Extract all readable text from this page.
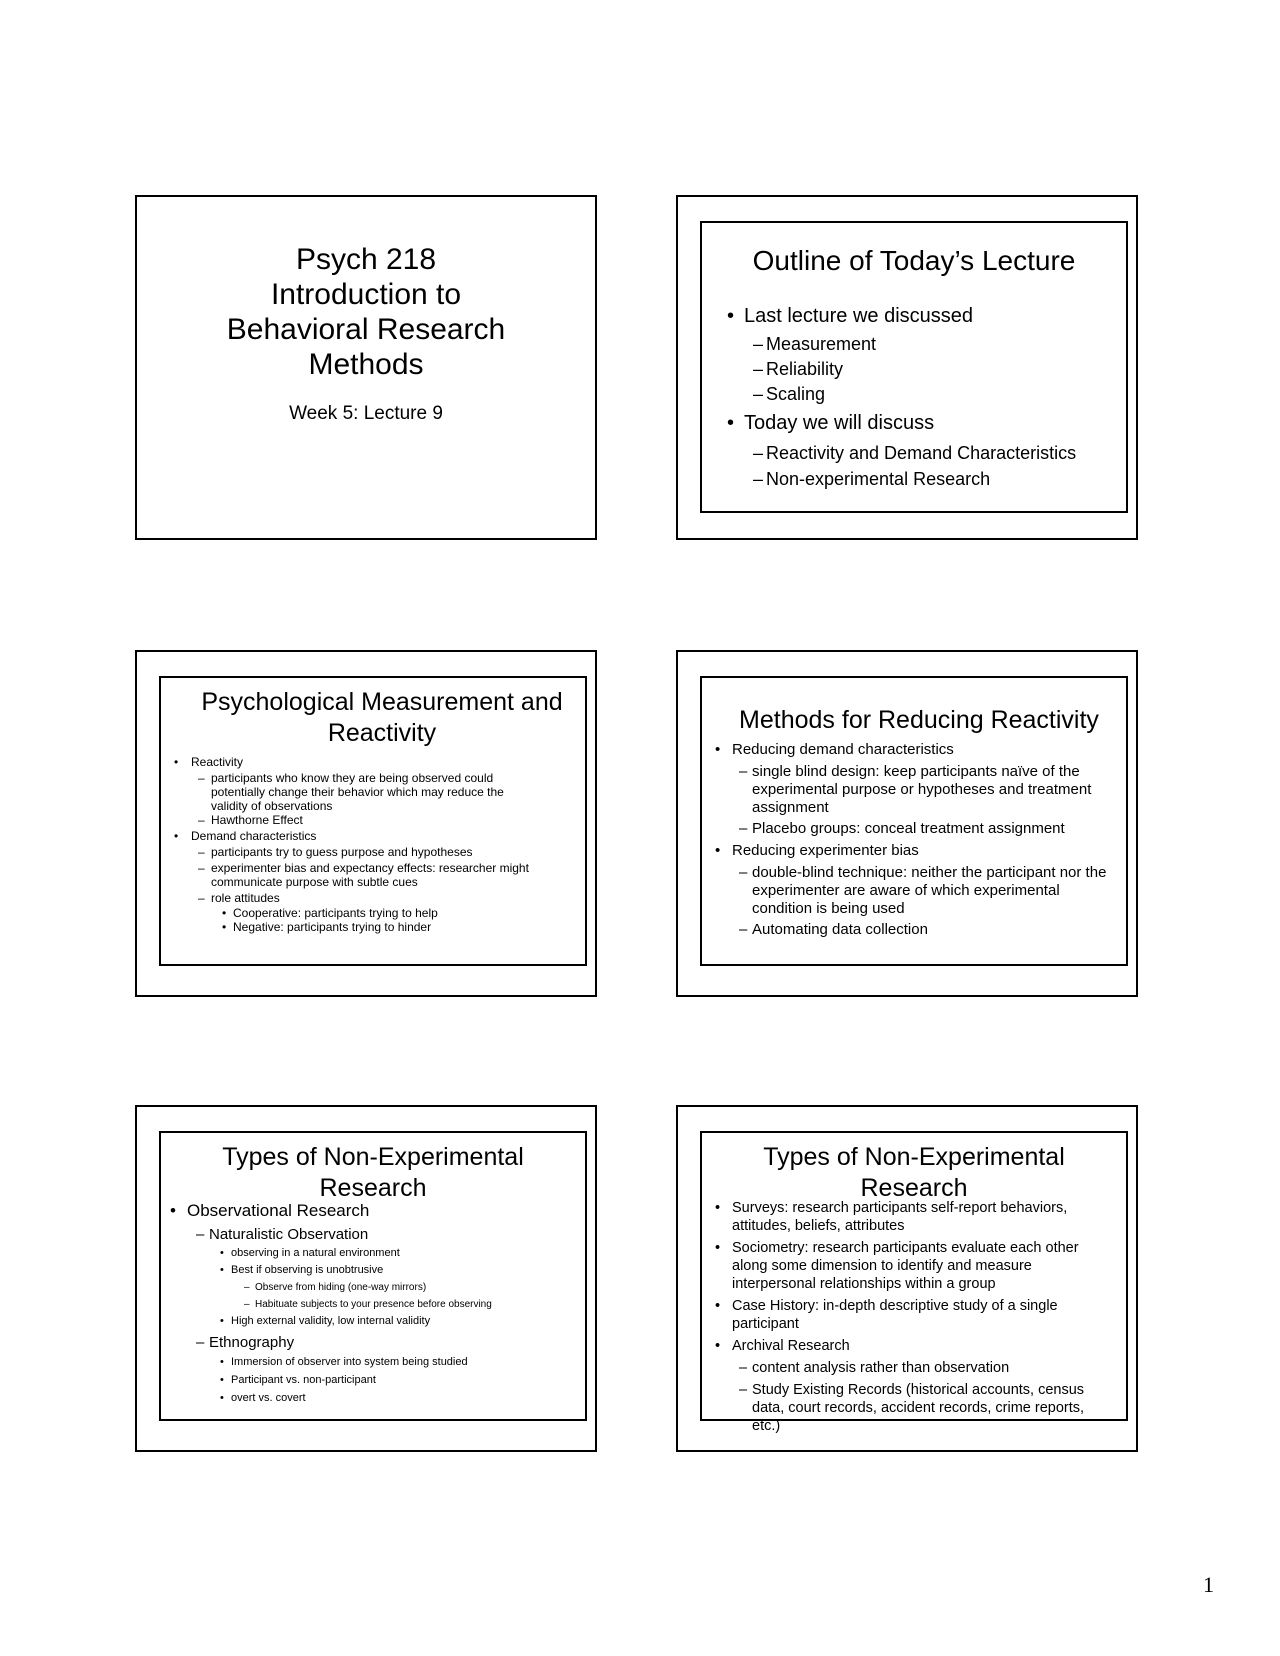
Psych 218
Introduction to
Behavioral Research
Methods
Week 5: Lecture 9
Outline of Today’s Lecture
• Last lecture we discussed
– Measurement
– Reliability
– Scaling
• Today we will discuss
– Reactivity and Demand Characteristics
– Non-experimental Research
Psychological Measurement and Reactivity
• Reactivity
– participants who know they are being observed could potentially change their behavior which may reduce the validity of observations
– Hawthorne Effect
• Demand characteristics
– participants try to guess purpose and hypotheses
– experimenter bias and expectancy effects: researcher might communicate purpose with subtle cues
– role attitudes
• Cooperative: participants trying to help
• Negative: participants trying to hinder
Methods for Reducing Reactivity
• Reducing demand characteristics
– single blind design: keep participants naïve of the experimental purpose or hypotheses and treatment assignment
– Placebo groups: conceal treatment assignment
• Reducing experimenter bias
– double-blind technique: neither the participant nor the experimenter are aware of which experimental condition is being used
– Automating data collection
Types of Non-Experimental Research
• Observational Research
– Naturalistic Observation
• observing in a natural environment
• Best if observing is unobtrusive
– Observe from hiding (one-way mirrors)
– Habituate subjects to your presence before observing
• High external validity, low internal validity
– Ethnography
• Immersion of observer into system being studied
• Participant vs. non-participant
• overt vs. covert
Types of Non-Experimental Research
• Surveys: research participants self-report behaviors, attitudes, beliefs, attributes
• Sociometry: research participants evaluate each other along some dimension to identify and measure interpersonal relationships within a group
• Case History: in-depth descriptive study of a single participant
• Archival Research
– content analysis rather than observation
– Study Existing Records (historical accounts, census data, court records, accident records, crime reports, etc.)
1
